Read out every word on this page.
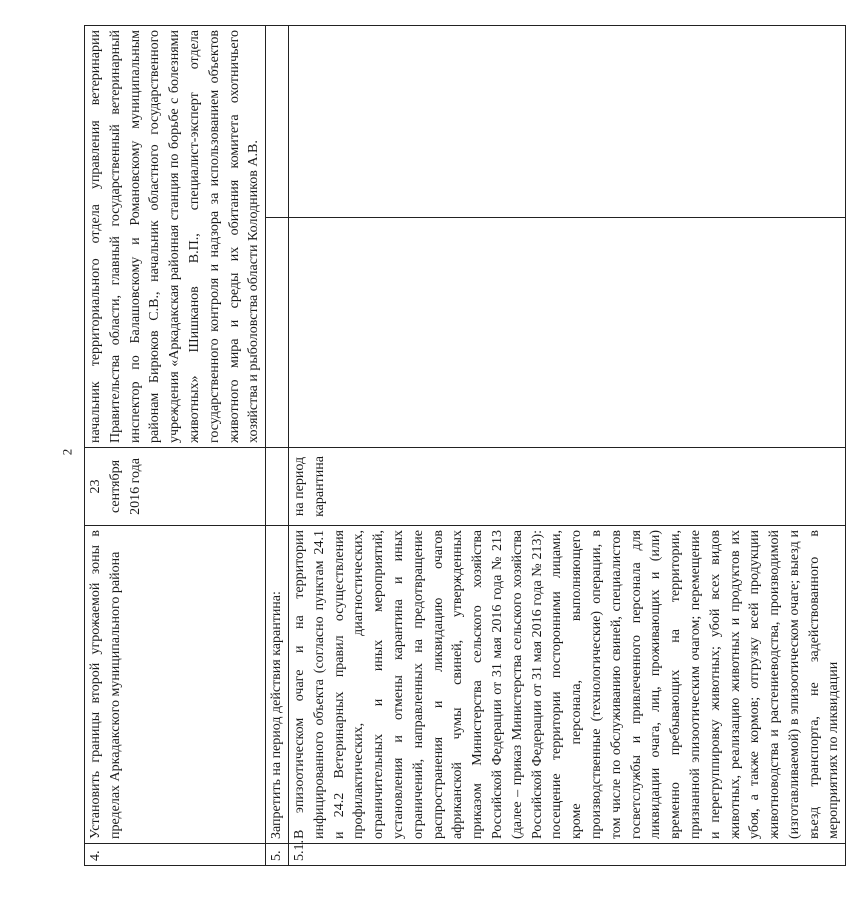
2
4.	Установить границы второй угрожаемой зоны в пределах Аркадакского муниципального района	23 сентября 2016 года	начальник территориального отдела управления ветеринарии Правительства области, главный государственный ветеринарный инспектор по Балашовскому и Романовскому муниципальным районам Бирюков С.В., начальник областного государственного учреждения «Аркадакская районная станция по борьбе с болезнями животных» Шишканов В.П., специалист-эксперт отдела государственного контроля и надзора за использованием объектов животного мира и среды их обитания комитета охотничьего хозяйства и рыболовства области Колодников А.В.	
5.	Запретить на период действия карантина:			
5.1.	В эпизоотическом очаге и на территории инфицированного объекта (согласно пунктам 24.1 и 24.2 Ветеринарных правил осуществления профилактических, диагностических, ограничительных и иных мероприятий, установления и отмены карантина и иных ограничений, направленных на предотвращение распространения и ликвидацию очагов африканской чумы свиней, утвержденных приказом Министерства сельского хозяйства Российской Федерации от 31 мая 2016 года № 213 (далее – приказ Министерства сельского хозяйства Российской Федерации от 31 мая 2016 года № 213): посещение территории посторонними лицами, кроме персонала, выполняющего производственные (технологические) операции, в том числе по обслуживанию свиней, специалистов госветслужбы и привлеченного персонала для ликвидации очага, лиц, проживающих и (или) временно пребывающих на территории, признанной эпизоотическим очагом; перемещение и перегруппировку животных; убой всех видов животных, реализацию животных и продуктов их убоя, а также кормов; отгрузку всей продукции животноводства и растениеводства, производимой (изготавливаемой) в эпизоотическом очаге; выезд и въезд транспорта, не задействованного в мероприятиях по ликвидации	на период карантина		
